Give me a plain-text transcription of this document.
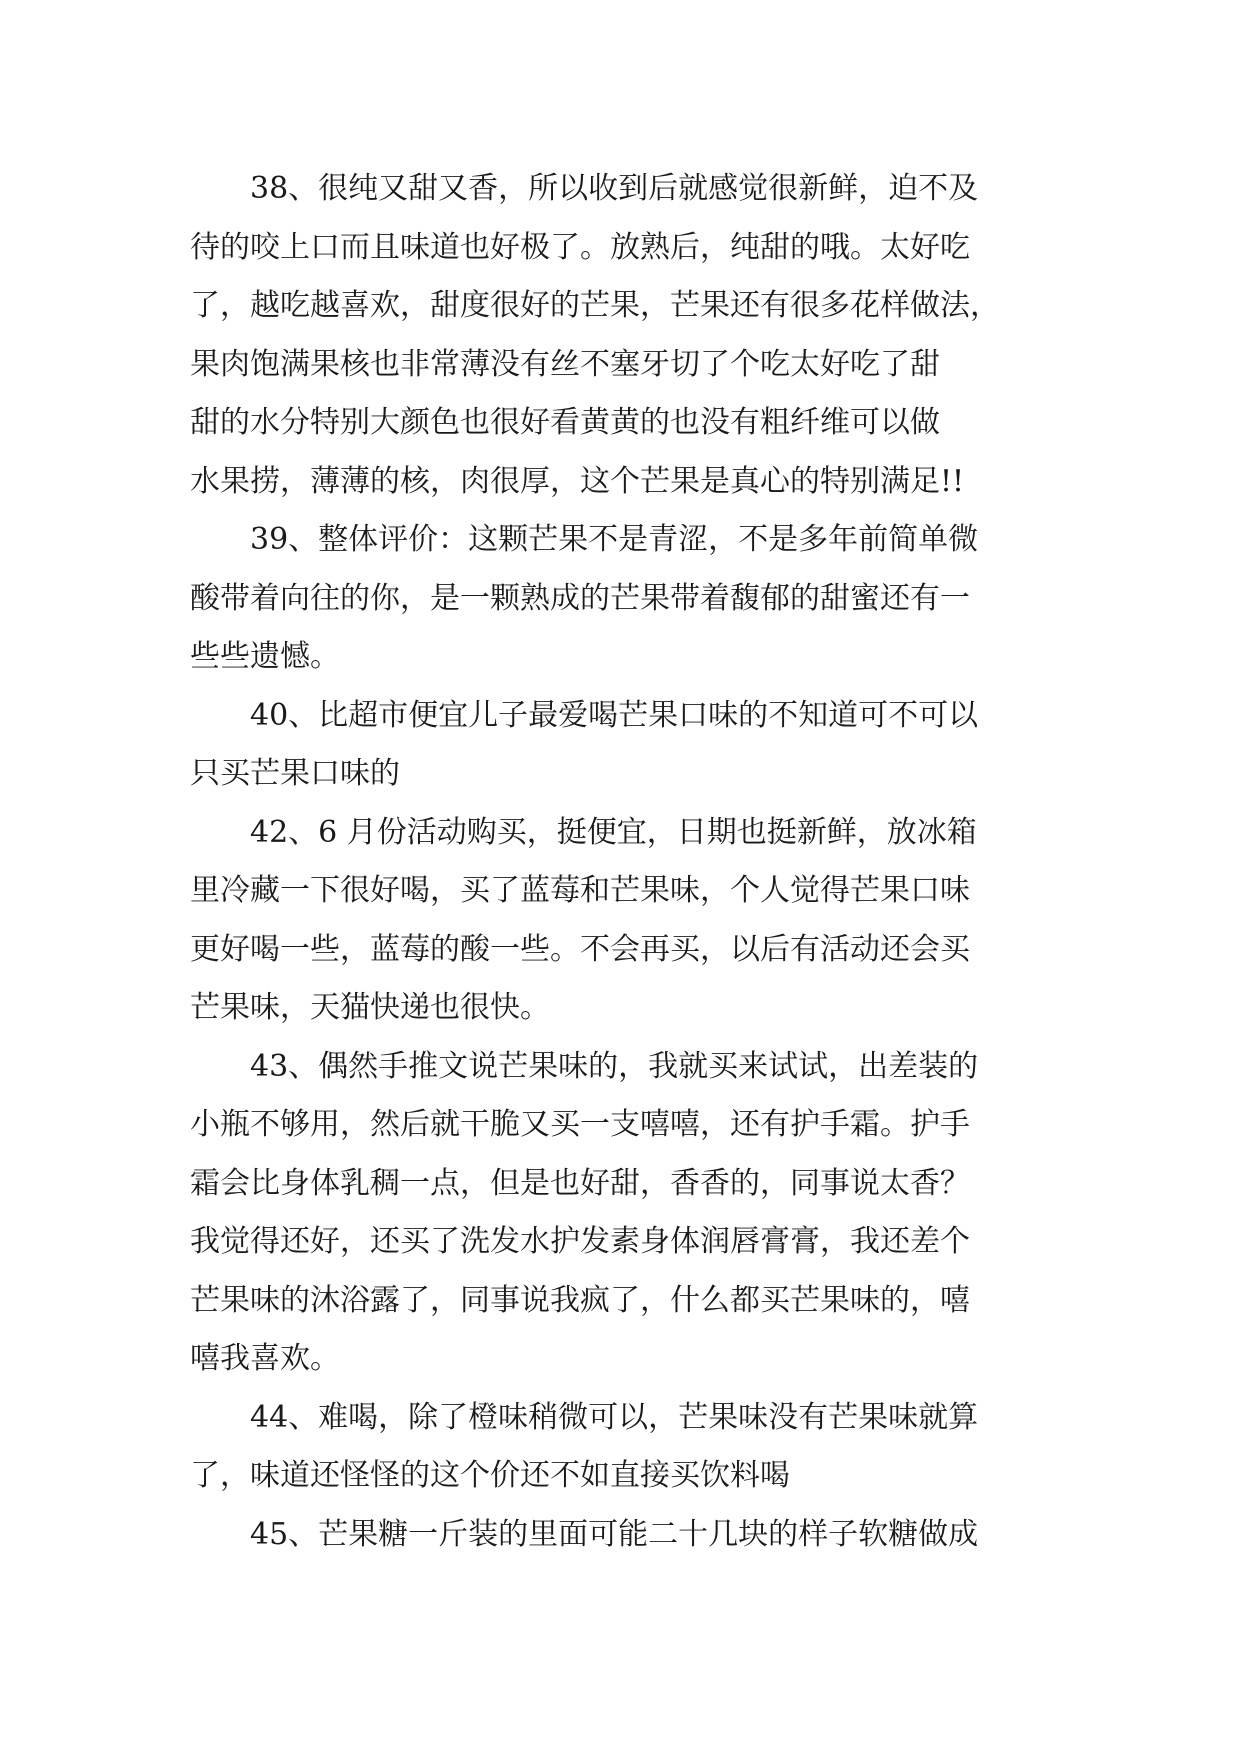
38、很纯又甜又香，所以收到后就感觉很新鲜，迫不及
待的咬上口而且味道也好极了。放熟后，纯甜的哦。太好吃
了，越吃越喜欢，甜度很好的芒果，芒果还有很多花样做法，
果肉饱满果核也非常薄没有丝不塞牙切了个吃太好吃了甜
甜的水分特别大颜色也很好看黄黄的也没有粗纤维可以做
水果捞，薄薄的核，肉很厚，这个芒果是真心的特别满足!!
39、整体评价：这颗芒果不是青涩，不是多年前简单微
酸带着向往的你，是一颗熟成的芒果带着馥郁的甜蜜还有一
些些遗憾。
40、比超市便宜儿子最爱喝芒果口味的不知道可不可以
只买芒果口味的
42、6 月份活动购买，挺便宜，日期也挺新鲜，放冰箱
里冷藏一下很好喝，买了蓝莓和芒果味，个人觉得芒果口味
更好喝一些，蓝莓的酸一些。不会再买，以后有活动还会买
芒果味，天猫快递也很快。
43、偶然手推文说芒果味的，我就买来试试，出差装的
小瓶不够用，然后就干脆又买一支嘻嘻，还有护手霜。护手
霜会比身体乳稠一点，但是也好甜，香香的，同事说太香？
我觉得还好，还买了洗发水护发素身体润唇膏膏，我还差个
芒果味的沐浴露了，同事说我疯了，什么都买芒果味的，嘻
嘻我喜欢。
44、难喝，除了橙味稍微可以，芒果味没有芒果味就算
了，味道还怪怪的这个价还不如直接买饮料喝
45、芒果糖一斤装的里面可能二十几块的样子软糖做成
